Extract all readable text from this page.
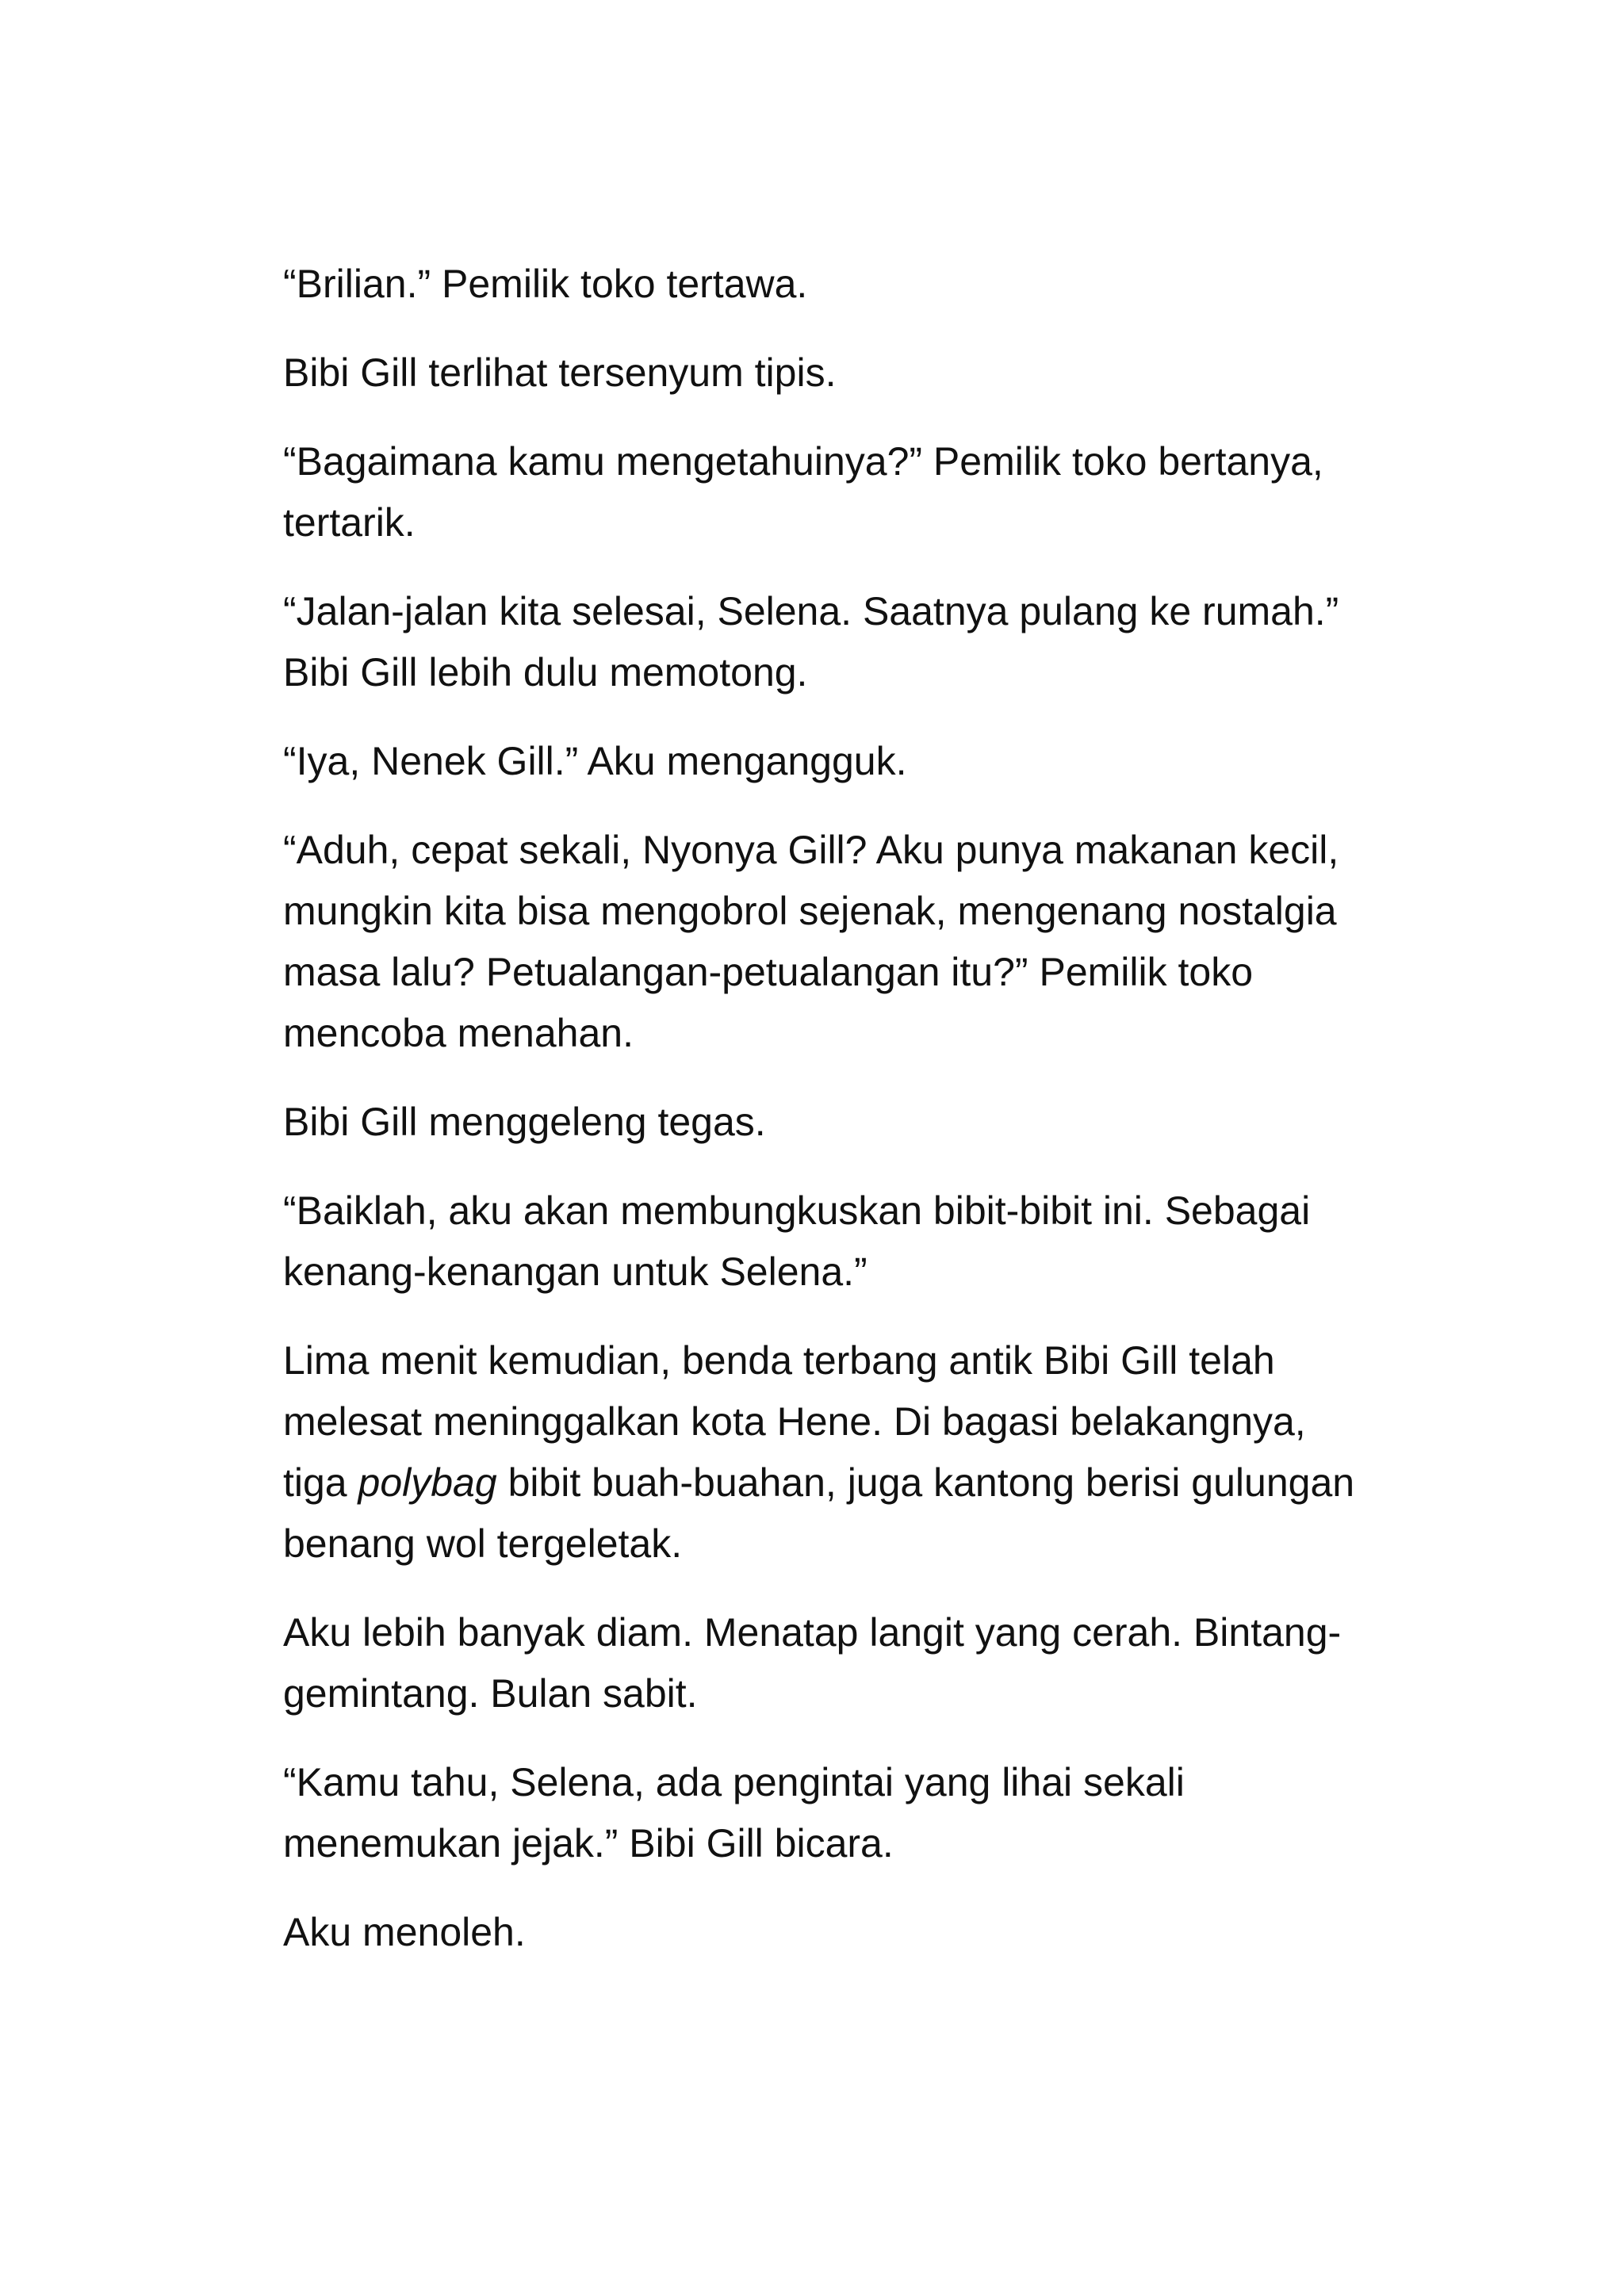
“Brilian.” Pemilik toko tertawa.

Bibi Gill terlihat tersenyum tipis.

“Bagaimana kamu mengetahuinya?” Pemilik toko bertanya, tertarik.

“Jalan-jalan kita selesai, Selena. Saatnya pulang ke rumah.” Bibi Gill lebih dulu memotong.

“Iya, Nenek Gill.” Aku mengangguk.

“Aduh, cepat sekali, Nyonya Gill? Aku punya makanan kecil, mungkin kita bisa mengobrol sejenak, mengenang nostalgia masa lalu? Petualangan-petualangan itu?” Pemilik toko mencoba menahan.

Bibi Gill menggeleng tegas.

“Baiklah, aku akan membungkuskan bibit-bibit ini. Sebagai kenang-kenangan untuk Selena.”

Lima menit kemudian, benda terbang antik Bibi Gill telah melesat meninggalkan kota Hene. Di bagasi belakangnya, tiga polybag bibit buah-buahan, juga kantong berisi gulungan benang wol tergeletak.

Aku lebih banyak diam. Menatap langit yang cerah. Bintang-gemintang. Bulan sabit.

“Kamu tahu, Selena, ada pengintai yang lihai sekali menemukan jejak.” Bibi Gill bicara.

Aku menoleh.
